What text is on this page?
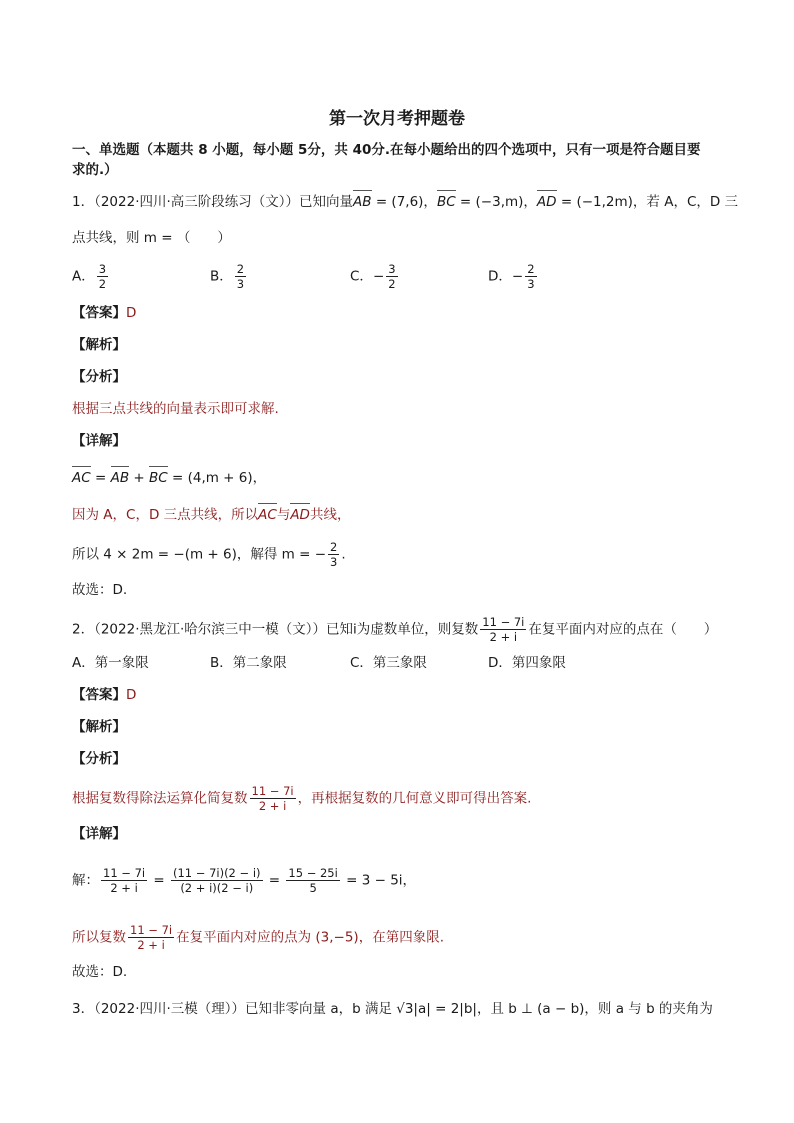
第一次月考押题卷
一、单选题（本题共 8 小题，每小题 5分，共 40分.在每小题给出的四个选项中，只有一项是符合题目要
求的.）
1．（2022·四川·高三阶段练习（文））已知向量AB = (7,6)，BC = (−3,m)，AD = (−1,2m)，若 A，C，D 三
点共线，则 m = （　　）
A． $\frac{3}{2}$	B． $\frac{2}{3}$	C．− $\frac{3}{2}$	D．− $\frac{2}{3}$
【答案】D
【解析】
【分析】
根据三点共线的向量表示即可求解.
【详解】
AC = AB + BC = (4,m + 6)，
因为 A，C，D 三点共线，所以AC与AD共线，
所以 4 × 2m = −(m + 6)，解得 m = − $\frac{2}{3}$ .
故选：D.
2．（2022·黑龙江·哈尔滨三中一模（文））已知i为虚数单位，则复数 $\frac{11 - 7i}{2 + i}$ 在复平面内对应的点在（　　）
A．第一象限	B．第二象限	C．第三象限	D．第四象限
【答案】D
【解析】
【分析】
根据复数得除法运算化简复数 $\frac{11 - 7i}{2 + i}$ ，再根据复数的几何意义即可得出答案.
【详解】
解： $\frac{11 - 7i}{2 + i} = \frac{(11 - 7i)(2 - i)}{(2 + i)(2 - i)} = \frac{15 - 25i}{5} = 3 - 5i$，
所以复数 $\frac{11 - 7i}{2 + i}$ 在复平面内对应的点为 (3,−5)，在第四象限.
故选：D.
3．（2022·四川·三模（理））已知非零向量 a，b 满足 √3|a| = 2|b|，且 b ⊥ (a − b)，则 a 与 b 的夹角为
